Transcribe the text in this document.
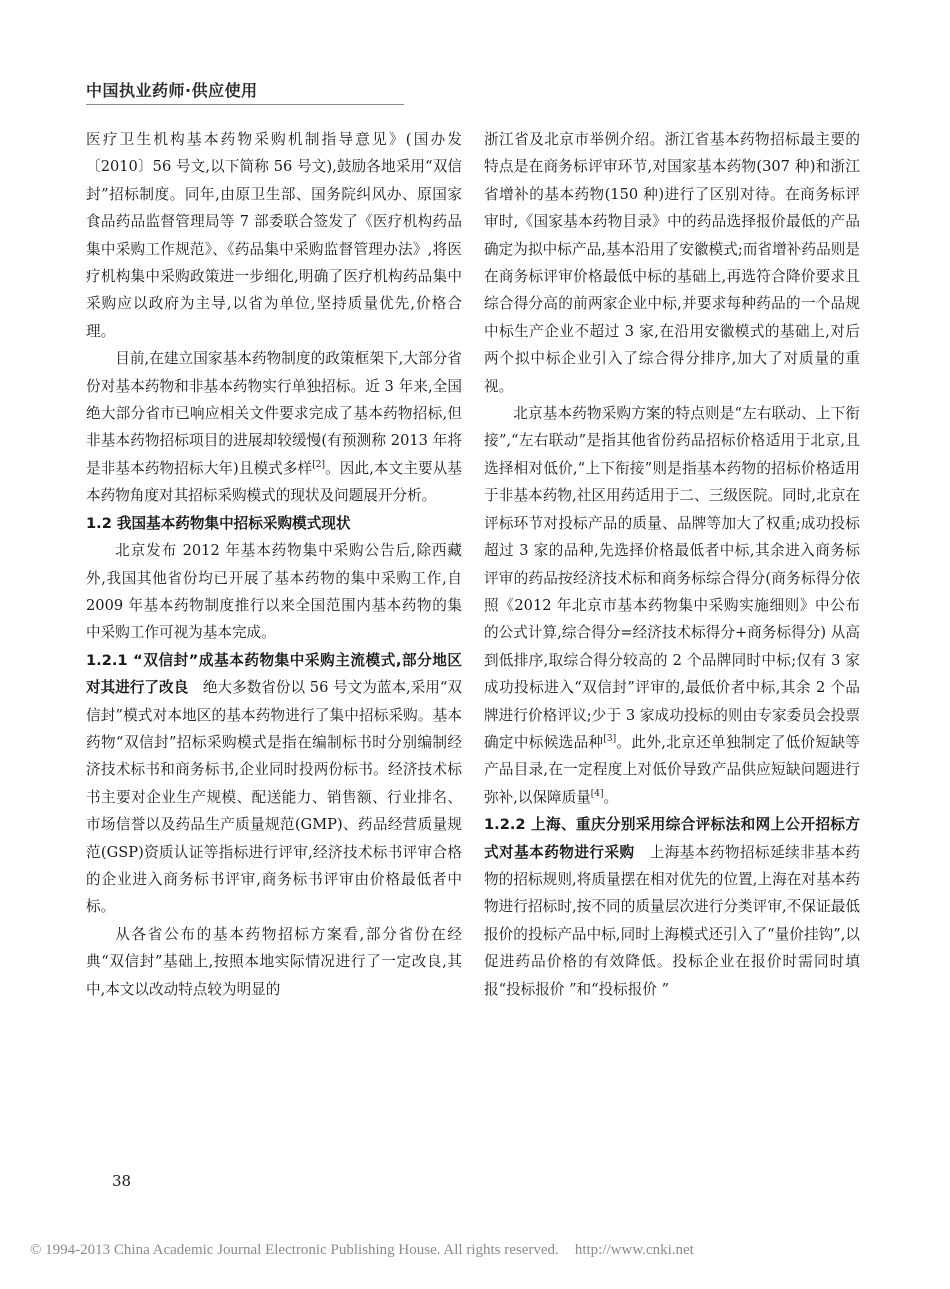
中国执业药师·供应使用

医疗卫生机构基本药物采购机制指导意见》(国办发〔2010〕56 号文,以下简称 56 号文),鼓励各地采用“双信封”招标制度。同年,由原卫生部、国务院纠风办、原国家食品药品监督管理局等 7 部委联合签发了《医疗机构药品集中采购工作规范》、《药品集中采购监督管理办法》,将医疗机构集中采购政策进一步细化,明确了医疗机构药品集中采购应以政府为主导,以省为单位,坚持质量优先,价格合理。

目前,在建立国家基本药物制度的政策框架下,大部分省份对基本药物和非基本药物实行单独招标。近 3 年来,全国绝大部分省市已响应相关文件要求完成了基本药物招标,但非基本药物招标项目的进展却较缓慢(有预测称 2013 年将是非基本药物招标大年)且模式多样[2]。因此,本文主要从基本药物角度对其招标采购模式的现状及问题展开分析。

1.2 我国基本药物集中招标采购模式现状

北京发布 2012 年基本药物集中采购公告后,除西藏外,我国其他省份均已开展了基本药物的集中采购工作,自 2009 年基本药物制度推行以来全国范围内基本药物的集中采购工作可视为基本完成。

1.2.1 “双信封”成基本药物集中采购主流模式,部分地区对其进行了改良  绝大多数省份以 56 号文为蓝本,采用“双信封”模式对本地区的基本药物进行了集中招标采购。基本药物“双信封”招标采购模式是指在编制标书时分别编制经济技术标书和商务标书,企业同时投两份标书。经济技术标书主要对企业生产规模、配送能力、销售额、行业排名、市场信誉以及药品生产质量规范(GMP)、药品经营质量规范(GSP)资质认证等指标进行评审,经济技术标书评审合格的企业进入商务标书评审,商务标书评审由价格最低者中标。

从各省公布的基本药物招标方案看,部分省份在经典“双信封”基础上,按照本地实际情况进行了一定改良,其中,本文以改动特点较为明显的

浙江省及北京市举例介绍。浙江省基本药物招标最主要的特点是在商务标评审环节,对国家基本药物(307 种)和浙江省增补的基本药物(150 种)进行了区别对待。在商务标评审时,《国家基本药物目录》中的药品选择报价最低的产品确定为拟中标产品,基本沿用了安徽模式;而省增补药品则是在商务标评审价格最低中标的基础上,再选符合降价要求且综合得分高的前两家企业中标,并要求每种药品的一个品规中标生产企业不超过 3 家,在沿用安徽模式的基础上,对后两个拟中标企业引入了综合得分排序,加大了对质量的重视。

北京基本药物采购方案的特点则是“左右联动、上下衔接”,“左右联动”是指其他省份药品招标价格适用于北京,且选择相对低价,“上下衔接”则是指基本药物的招标价格适用于非基本药物,社区用药适用于二、三级医院。同时,北京在评标环节对投标产品的质量、品牌等加大了权重;成功投标超过 3 家的品种,先选择价格最低者中标,其余进入商务标评审的药品按经济技术标和商务标综合得分(商务标得分依照《2012 年北京市基本药物集中采购实施细则》中公布的公式计算,综合得分=经济技术标得分+商务标得分) 从高到低排序,取综合得分较高的 2 个品牌同时中标;仅有 3 家成功投标进入“双信封”评审的,最低价者中标,其余 2 个品牌进行价格评议;少于 3 家成功投标的则由专家委员会投票确定中标候选品种[3]。此外,北京还单独制定了低价短缺等产品目录,在一定程度上对低价导致产品供应短缺问题进行弥补,以保障质量[4]。

1.2.2 上海、重庆分别采用综合评标法和网上公开招标方式对基本药物进行采购  上海基本药物招标延续非基本药物的招标规则,将质量摆在相对优先的位置,上海在对基本药物进行招标时,按不同的质量层次进行分类评审,不保证最低报价的投标产品中标,同时上海模式还引入了“量价挂钩”,以促进药品价格的有效降低。投标企业在报价时需同时填报“投标报价 ”和“投标报价 ”

38
© 1994-2013 China Academic Journal Electronic Publishing House. All rights reserved. http://www.cnki.net
